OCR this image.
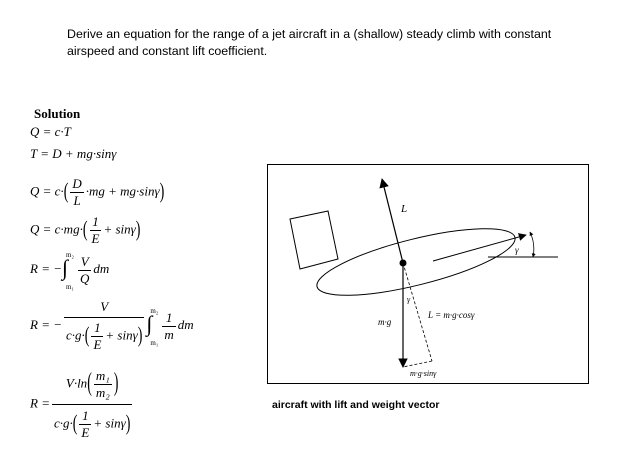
Derive an equation for the range of a jet aircraft in a (shallow) steady climb with constant
airspeed and constant lift coefficient.
Solution
Q = c·T
T = D + mg·sinγ
$Q = c\cdot( \frac{D}{L} \cdot mg + mg\cdot\sin\gamma)$
$Q = c\cdot mg\cdot( \frac{1}{E} + \sin\gamma)$
R = −
m₂
∫
m₁
$\frac{V}{Q}$ dm
R = − $\frac{V}{c\cdot g\cdot( \frac{1}{E} + \sin\gamma)} m_2$
∫
m₁
$\frac{1}{m}$ dm
$R = \frac{V\cdot\ln( \frac{\text{m₁}}{\text{m₂}} )}{c\cdot g\cdot( \frac{1}{E} + \sin\gamma)}$
γ
L
m·g
γ
L = m·g·cosγ
m·g·sinγ
aircraft with lift and weight vector
